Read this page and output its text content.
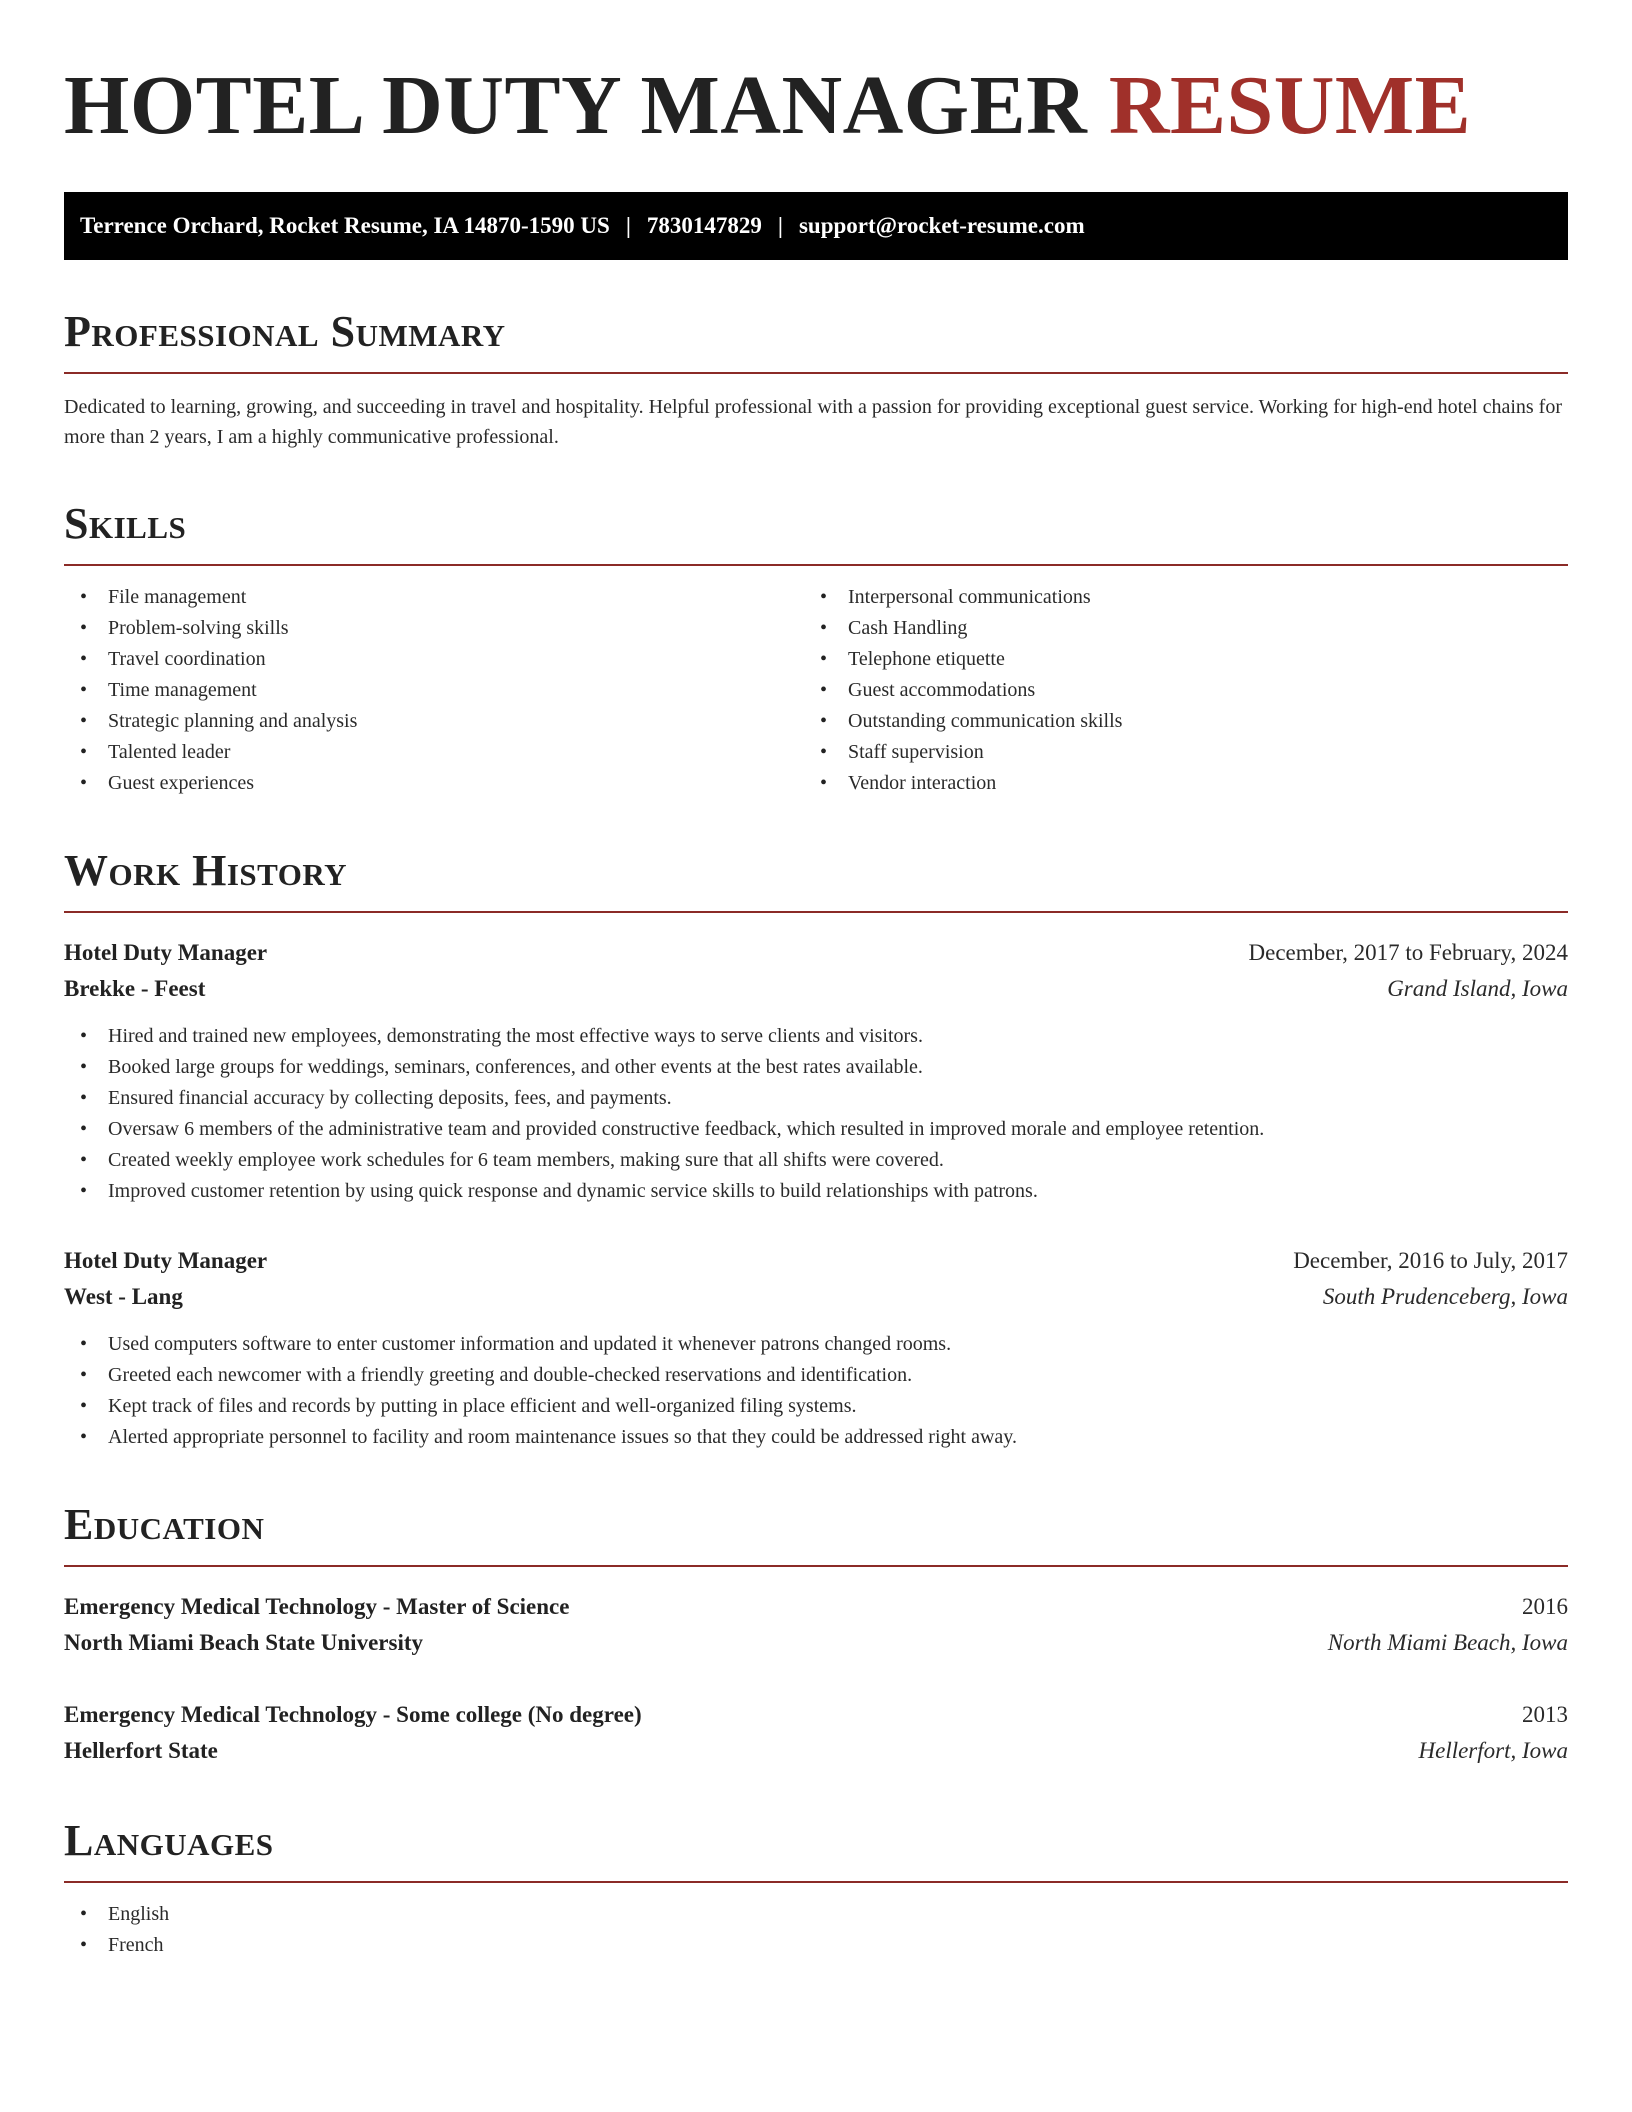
HOTEL DUTY MANAGER RESUME
Terrence Orchard, Rocket Resume, IA 14870-1590 US | 7830147829 | support@rocket-resume.com
Professional Summary

Dedicated to learning, growing, and succeeding in travel and hospitality. Helpful professional with a passion for providing exceptional guest service. Working for high-end hotel chains for more than 2 years, I am a highly communicative professional.

Skills
• File management
• Problem-solving skills
• Travel coordination
• Time management
• Strategic planning and analysis
• Talented leader
• Guest experiences
• Interpersonal communications
• Cash Handling
• Telephone etiquette
• Guest accommodations
• Outstanding communication skills
• Staff supervision
• Vendor interaction
Work History
Hotel Duty Manager	December, 2017 to February, 2024
Brekke - Feest	Grand Island, Iowa
• Hired and trained new employees, demonstrating the most effective ways to serve clients and visitors.
• Booked large groups for weddings, seminars, conferences, and other events at the best rates available.
• Ensured financial accuracy by collecting deposits, fees, and payments.
• Oversaw 6 members of the administrative team and provided constructive feedback, which resulted in improved morale and employee retention.
• Created weekly employee work schedules for 6 team members, making sure that all shifts were covered.
• Improved customer retention by using quick response and dynamic service skills to build relationships with patrons.
Hotel Duty Manager	December, 2016 to July, 2017
West - Lang	South Prudenceberg, Iowa
• Used computers software to enter customer information and updated it whenever patrons changed rooms.
• Greeted each newcomer with a friendly greeting and double-checked reservations and identification.
• Kept track of files and records by putting in place efficient and well-organized filing systems.
• Alerted appropriate personnel to facility and room maintenance issues so that they could be addressed right away.
Education
Emergency Medical Technology - Master of Science	2016
North Miami Beach State University	North Miami Beach, Iowa
Emergency Medical Technology - Some college (No degree)	2013
Hellerfort State	Hellerfort, Iowa
Languages
• English
• French
